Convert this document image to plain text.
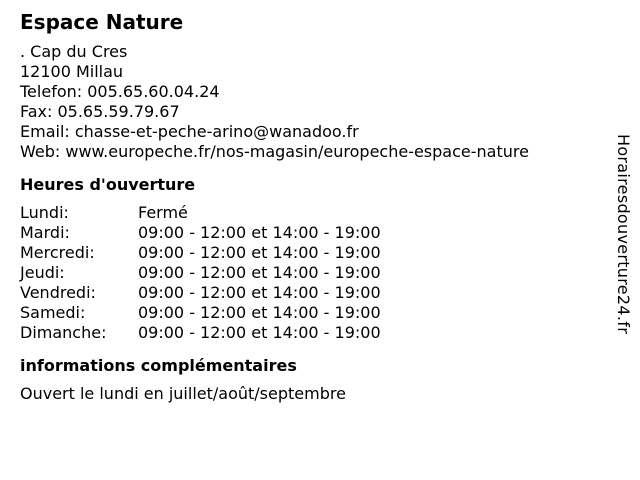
Espace Nature
. Cap du Cres
12100 Millau
Telefon: 005.65.60.04.24
Fax: 05.65.59.79.67
Email: chasse-et-peche-arino@wanadoo.fr
Web: www.europeche.fr/nos-magasin/europeche-espace-nature
Heures d'ouverture
Lundi:	Fermé
Mardi:	09:00 - 12:00 et 14:00 - 19:00
Mercredi:	09:00 - 12:00 et 14:00 - 19:00
Jeudi:	09:00 - 12:00 et 14:00 - 19:00
Vendredi:	09:00 - 12:00 et 14:00 - 19:00
Samedi:	09:00 - 12:00 et 14:00 - 19:00
Dimanche:	09:00 - 12:00 et 14:00 - 19:00
informations complémentaires
Ouvert le lundi en juillet/août/septembre
Horairesdouverture24.fr
